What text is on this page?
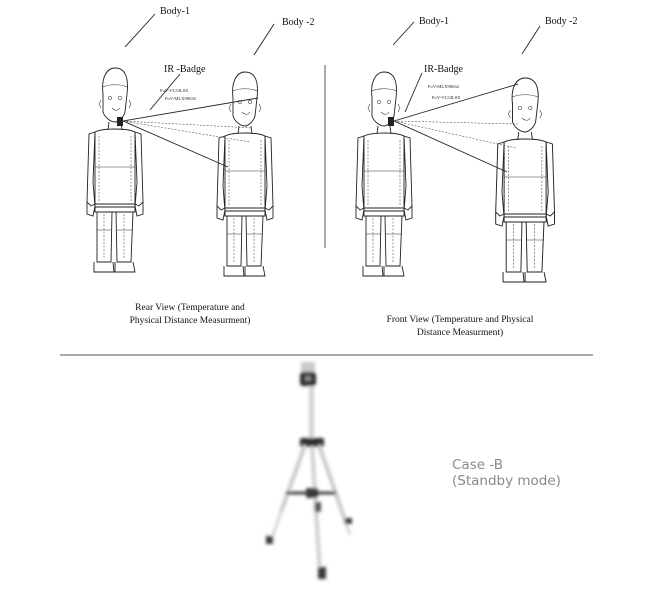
Body-1
Body -2
IR -Badge
FoV-VL53L0X
FoV-MLX90632
Rear View (Temperature and
Physical Distance Measurment)
Body-1	Body -2
IR-Badge
FoV-MLX90632
FoV-VL53L0X
Front View (Temperature and Physical
Distance Measurment)
Case -B
(Standby mode)
